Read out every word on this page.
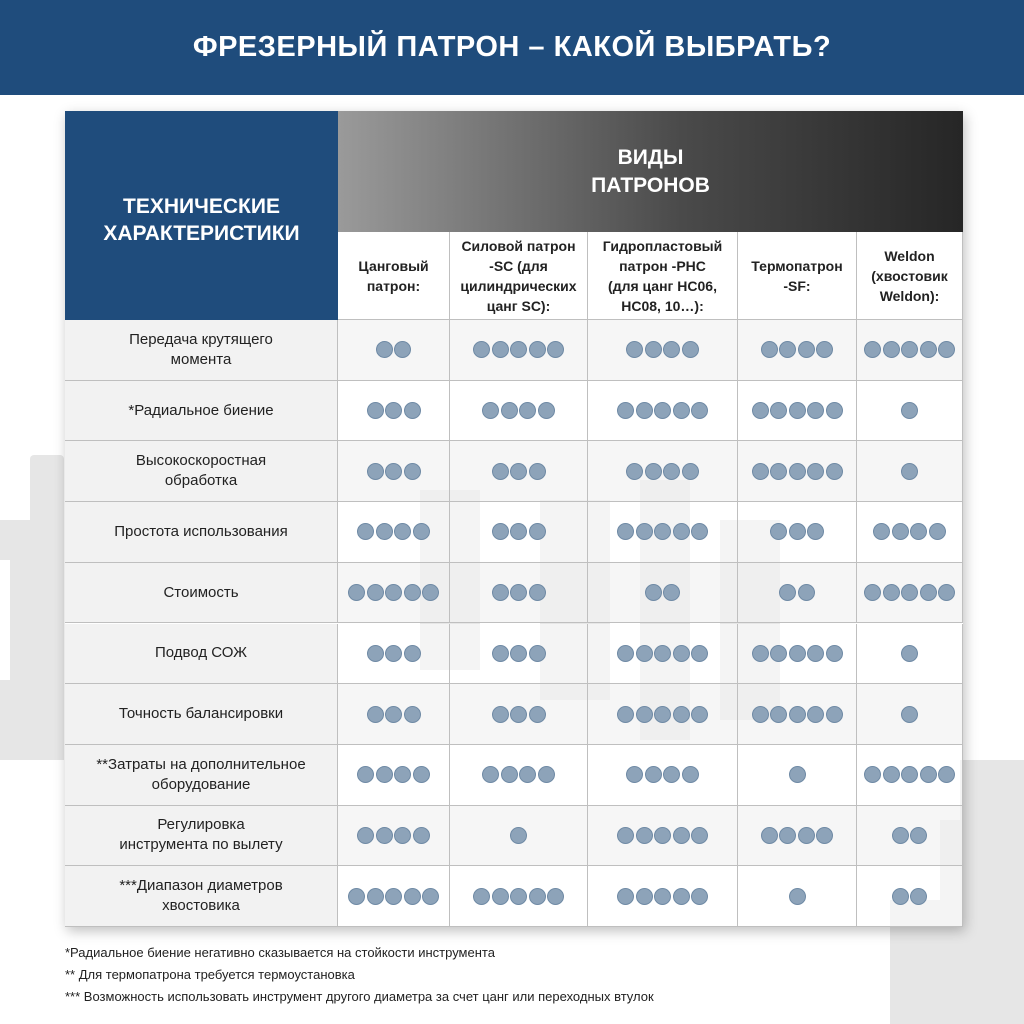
ФРЕЗЕРНЫЙ ПАТРОН – КАКОЙ ВЫБРАТЬ?
ТЕХНИЧЕСКИЕ
ХАРАКТЕРИСТИКИ
ВИДЫ
ПАТРОНОВ
Цанговый
патрон:
Силовой патрон
-SC (для
цилиндрических
цанг SC):
Гидропластовый
патрон -PHC
(для цанг HC06,
HC08, 10…):
Термопатрон
-SF:
Weldon
(хвостовик
Weldon):
Передача крутящего
момента
*Радиальное биение
Высокоскоростная
обработка
Простота использования
Стоимость
Подвод СОЖ
Точность балансировки
**Затраты на дополнительное
оборудование
Регулировка
инструмента по вылету
***Диапазон диаметров
хвостовика

*Радиальное биение негативно сказывается на стойкости инструмента

** Для термопатрона требуется термоустановка

*** Возможность использовать инструмент другого диаметра за счет цанг или переходных втулок
